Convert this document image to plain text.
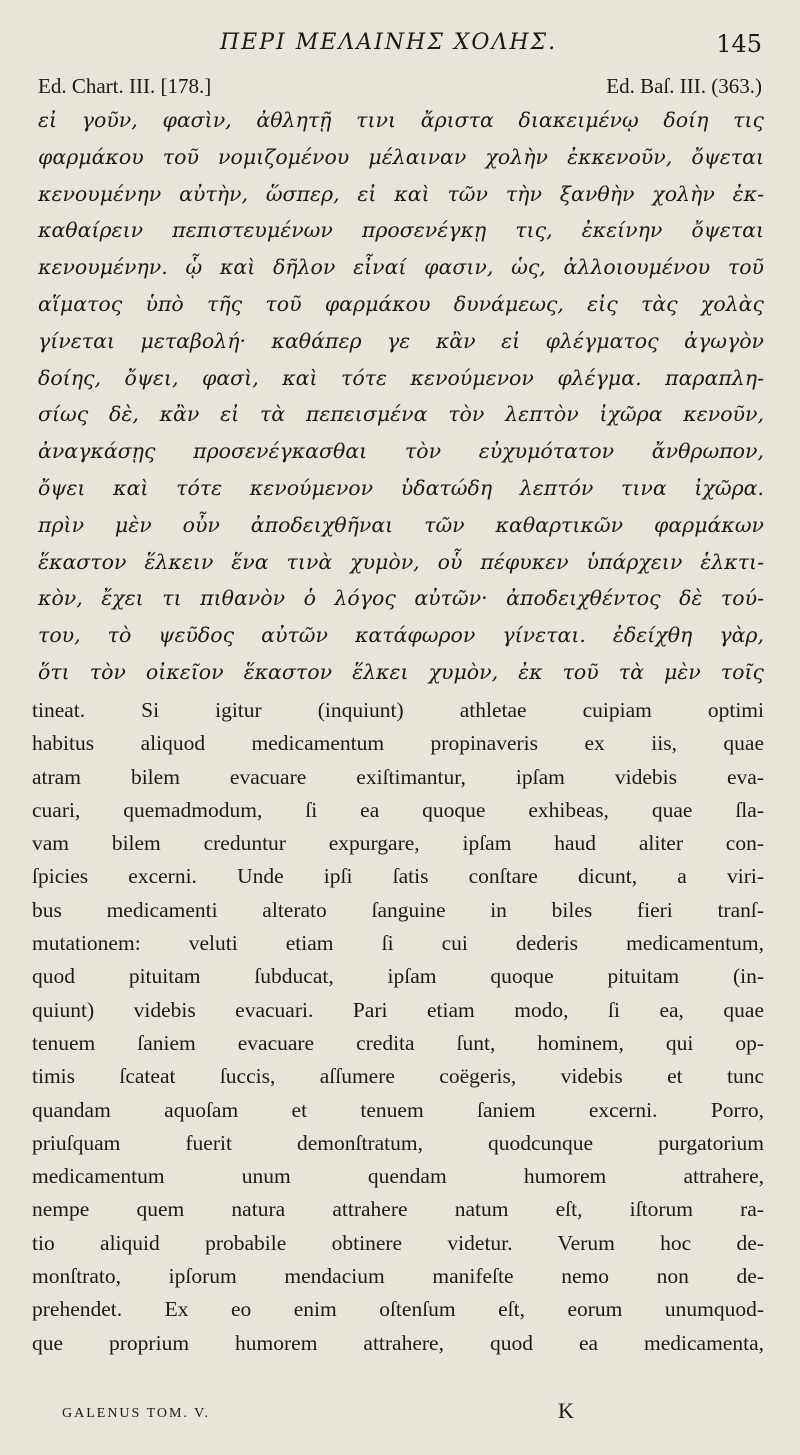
ΠΕΡΙ ΜΕΛΑΙΝΗΣ ΧΟΛΗΣ.	145
Ed. Chart. III. [178.]	Ed. Baſ. III. (363.)
εἰ γοῦν, φασὶν, ἀθλητῇ τινι ἄριστα διακειμένῳ δοίη τις
φαρμάκου τοῦ νομιζομένου μέλαιναν χολὴν ἐκκενοῦν, ὄψεται
κενουμένην αὐτὴν, ὥσπερ, εἰ καὶ τῶν τὴν ξανθὴν χολὴν ἐκ-
καθαίρειν πεπιστευμένων προσενέγκῃ τις, ἐκείνην ὄψεται
κενουμένην. ᾧ καὶ δῆλον εἶναί φασιν, ὡς, ἀλλοιουμένου τοῦ
αἵματος ὑπὸ τῆς τοῦ φαρμάκου δυνάμεως, εἰς τὰς χολὰς
γίνεται μεταβολή· καθάπερ γε κἂν εἰ φλέγματος ἀγωγὸν
δοίης, ὄψει, φασὶ, καὶ τότε κενούμενον φλέγμα. παραπλη-
σίως δὲ, κἂν εἰ τὰ πεπεισμένα τὸν λεπτὸν ἰχῶρα κενοῦν,
ἀναγκάσῃς προσενέγκασθαι τὸν εὐχυμότατον ἄνθρωπον,
ὄψει καὶ τότε κενούμενον ὑδατώδη λεπτόν τινα ἰχῶρα.
πρὶν μὲν οὖν ἀποδειχθῆναι τῶν καθαρτικῶν φαρμάκων
ἕκαστον ἕλκειν ἕνα τινὰ χυμὸν, οὗ πέφυκεν ὑπάρχειν ἑλκτι-
κὸν, ἔχει τι πιθανὸν ὁ λόγος αὐτῶν· ἀποδειχθέντος δὲ τού-
του, τὸ ψεῦδος αὐτῶν κατάφωρον γίνεται. ἐδείχθη γὰρ,
ὅτι τὸν οἰκεῖον ἕκαστον ἕλκει χυμὸν, ἐκ τοῦ τὰ μὲν τοῖς
tineat. Si igitur (inquiunt) athletae cuipiam optimi
habitus aliquod medicamentum propinaveris ex iis, quae
atram bilem evacuare exiſtimantur, ipſam videbis eva-
cuari, quemadmodum, ſi ea quoque exhibeas, quae ſla-
vam bilem creduntur expurgare, ipſam haud aliter con-
ſpicies excerni. Unde ipſi ſatis conſtare dicunt, a viri-
bus medicamenti alterato ſanguine in biles fieri tranſ-
mutationem: veluti etiam ſi cui dederis medicamentum,
quod pituitam ſubducat, ipſam quoque pituitam (in-
quiunt) videbis evacuari. Pari etiam modo, ſi ea, quae
tenuem ſaniem evacuare credita ſunt, hominem, qui op-
timis ſcateat ſuccis, aſſumere coëgeris, videbis et tunc
quandam aquoſam et tenuem ſaniem excerni. Porro,
priuſquam fuerit demonſtratum, quodcunque purgatorium
medicamentum unum quendam humorem attrahere,
nempe quem natura attrahere natum eſt, iſtorum ra-
tio aliquid probabile obtinere videtur. Verum hoc de-
monſtrato, ipſorum mendacium manifeſte nemo non de-
prehendet. Ex eo enim oſtenſum eſt, eorum unumquod-
que proprium humorem attrahere, quod ea medicamenta,
GALENUS TOM. V.	K
